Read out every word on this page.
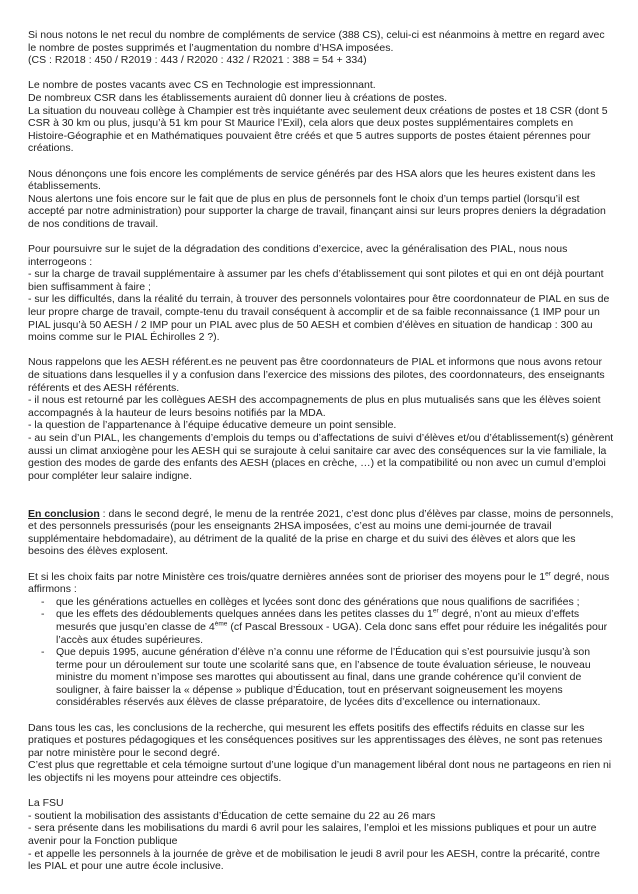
Si nous notons le net recul du nombre de compléments de service (388 CS), celui-ci est néanmoins à mettre en regard avec le nombre de postes supprimés et l’augmentation du nombre d’HSA imposées.
(CS : R2018 : 450 / R2019 : 443 / R2020 : 432 / R2021 : 388 = 54 + 334)
Le nombre de postes vacants avec CS en Technologie est impressionnant.
De nombreux CSR dans les établissements auraient dû donner lieu à créations de postes.
La situation du nouveau collège à Champier est très inquiétante avec seulement deux créations de postes et 18 CSR (dont 5 CSR à 30 km ou plus, jusqu’à 51 km pour St Maurice l’Exil), cela alors que deux postes supplémentaires complets en Histoire-Géographie et en Mathématiques pouvaient être créés et que 5 autres supports de postes étaient pérennes pour créations.
Nous dénonçons une fois encore les compléments de service générés par des HSA alors que les heures existent dans les établissements.
Nous alertons une fois encore sur le fait que de plus en plus de personnels font le choix d’un temps partiel (lorsqu’il est accepté par notre administration) pour supporter la charge de travail, finançant ainsi sur leurs propres deniers la dégradation de nos conditions de travail.
Pour poursuivre sur le sujet de la dégradation des conditions d’exercice, avec la généralisation des PIAL, nous nous interrogeons :
- sur la charge de travail supplémentaire à assumer par les chefs d’établissement qui sont pilotes et qui en ont déjà pourtant bien suffisamment à faire ;
- sur les difficultés, dans la réalité du terrain, à trouver des personnels volontaires pour être coordonnateur de PIAL en sus de leur propre charge de travail, compte-tenu du travail conséquent à accomplir et de sa faible reconnaissance (1 IMP pour un PIAL jusqu’à 50 AESH / 2 IMP pour un PIAL avec plus de 50 AESH et combien d’élèves en situation de handicap : 300 au moins comme sur le PIAL Échirolles 2 ?).
Nous rappelons que les AESH référent.es ne peuvent pas être coordonnateurs de PIAL et informons que nous avons retour de situations dans lesquelles il y a confusion dans l’exercice des missions des pilotes, des coordonnateurs, des enseignants référents et des AESH référents.
- il nous est retourné par les collègues AESH des accompagnements de plus en plus mutualisés sans que les élèves soient accompagnés à la hauteur de leurs besoins notifiés par la MDA.
- la question de l’appartenance à l’équipe éducative demeure un point sensible.
- au sein d’un PIAL, les changements d’emplois du temps ou d’affectations de suivi d’élèves et/ou d’établissement(s) génèrent aussi un climat anxiogène pour les AESH qui se surajoute à celui sanitaire car avec des conséquences sur la vie familiale, la gestion des modes de garde des enfants des AESH (places en crèche, …) et la compatibilité ou non avec un cumul d’emploi pour compléter leur salaire indigne.
En conclusion : dans le second degré, le menu de la rentrée 2021, c’est donc plus d’élèves par classe, moins de personnels, et des personnels pressurisés (pour les enseignants 2HSA imposées, c’est au moins une demi-journée de travail supplémentaire hebdomadaire), au détriment de la qualité de la prise en charge et du suivi des élèves et alors que les besoins des élèves explosent.
Et si les choix faits par notre Ministère ces trois/quatre dernières années sont de prioriser des moyens pour le 1er degré, nous affirmons :
- que les générations actuelles en collèges et lycées sont donc des générations que nous qualifions de sacrifiées ;
- que les effets des dédoublements quelques années dans les petites classes du 1er degré, n’ont au mieux d’effets mesurés que jusqu’en classe de 4ème (cf Pascal Bressoux - UGA). Cela donc sans effet pour réduire les inégalités pour l’accès aux études supérieures.
- Que depuis 1995, aucune génération d’élève n’a connu une réforme de l’Éducation qui s’est poursuivie jusqu’à son terme pour un déroulement sur toute une scolarité sans que, en l’absence de toute évaluation sérieuse, le nouveau ministre du moment n’impose ses marottes qui aboutissent au final, dans une grande cohérence qu’il convient de souligner, à faire baisser la « dépense » publique d’Éducation, tout en préservant soigneusement les moyens considérables réservés aux élèves de classe préparatoire, de lycées dits d’excellence ou internationaux.
Dans tous les cas, les conclusions de la recherche, qui mesurent les effets positifs des effectifs réduits en classe sur les pratiques et postures pédagogiques et les conséquences positives sur les apprentissages des élèves, ne sont pas retenues par notre ministère pour le second degré.
C’est plus que regrettable et cela témoigne surtout d’une logique d’un management libéral dont nous ne partageons en rien ni les objectifs ni les moyens pour atteindre ces objectifs.
La FSU
- soutient la mobilisation des assistants d’Éducation de cette semaine du 22 au 26 mars
- sera présente dans les mobilisations du mardi 6 avril pour les salaires, l’emploi et les missions publiques et pour un autre avenir pour la Fonction publique
- et appelle les personnels à la journée de grève et de mobilisation le jeudi 8 avril pour les AESH, contre la précarité, contre les PIAL et pour une autre école inclusive.
